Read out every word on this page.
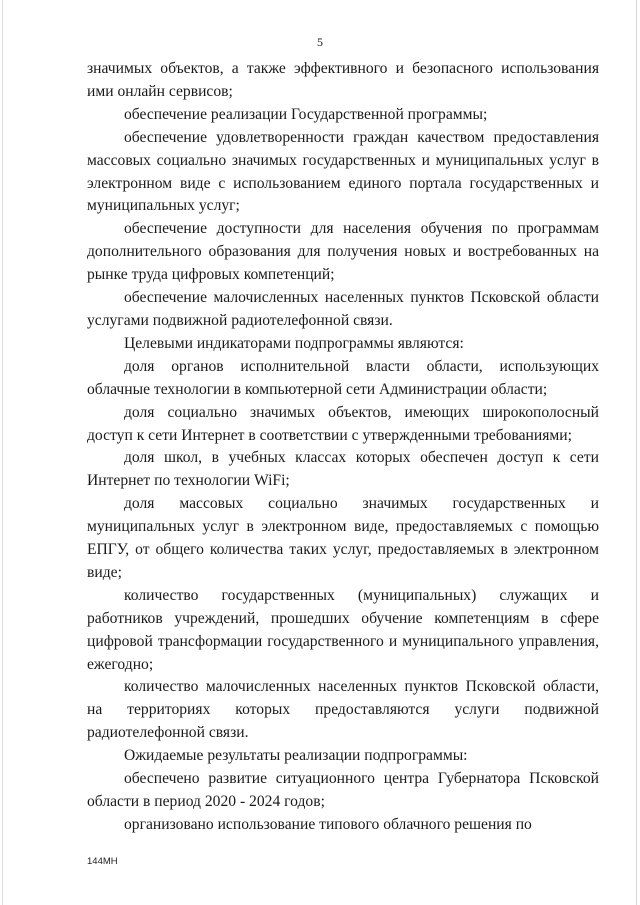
5

значимых объектов, а также эффективного и безопасного использования ими онлайн сервисов;

обеспечение реализации Государственной программы;

обеспечение удовлетворенности граждан качеством предоставления массовых социально значимых государственных и муниципальных услуг в электронном виде с использованием единого портала государственных и муниципальных услуг;

обеспечение доступности для населения обучения по программам дополнительного образования для получения новых и востребованных на рынке труда цифровых компетенций;

обеспечение малочисленных населенных пунктов Псковской области услугами подвижной радиотелефонной связи.

Целевыми индикаторами подпрограммы являются:

доля органов исполнительной власти области, использующих облачные технологии в компьютерной сети Администрации области;

доля социально значимых объектов, имеющих широкополосный доступ к сети Интернет в соответствии с утвержденными требованиями;

доля школ, в учебных классах которых обеспечен доступ к сети Интернет по технологии WiFi;

доля массовых социально значимых государственных и муниципальных услуг в электронном виде, предоставляемых с помощью ЕПГУ, от общего количества таких услуг, предоставляемых в электронном виде;

количество государственных (муниципальных) служащих и работников учреждений, прошедших обучение компетенциям в сфере цифровой трансформации государственного и муниципального управления, ежегодно;

количество малочисленных населенных пунктов Псковской области, на территориях которых предоставляются услуги подвижной радиотелефонной связи.

Ожидаемые результаты реализации подпрограммы:

обеспечено развитие ситуационного центра Губернатора Псковской области в период 2020 - 2024 годов;

организовано использование типового облачного решения по

144МН
